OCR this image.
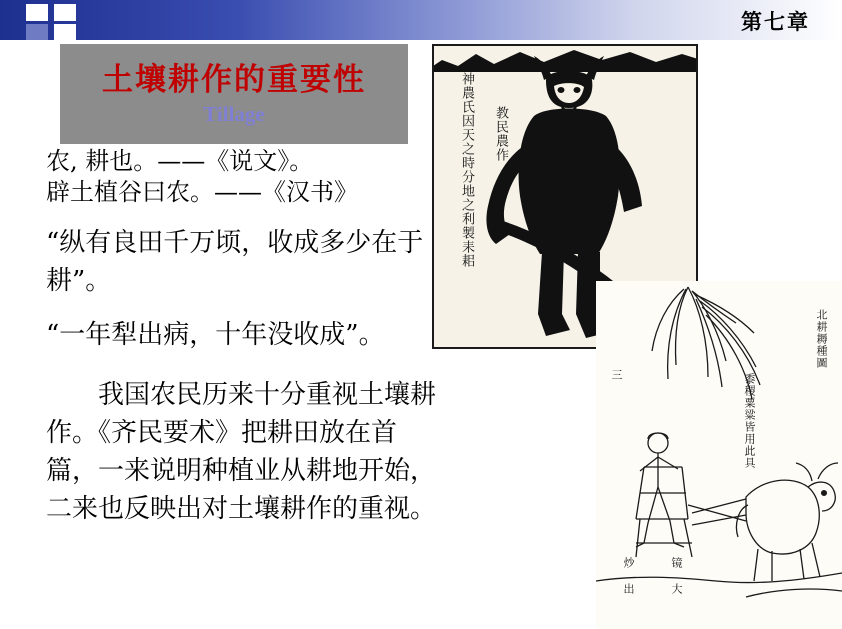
第七章
土壤耕作的重要性
Tillage
农, 耕也。——《说文》。
辟土植谷曰农。——《汉书》
“纵有良田千万顷，收成多少在于耕”。
“一年犁出病，十年没收成”。
我国农民历来十分重视土壤耕作。《齐民要术》把耕田放在首篇，一来说明种植业从耕地开始，二来也反映出对土壤耕作的重视。
神農氏因天之時分地之利製耒耜	教民農作
北耕耨種圖
黍稷粟粱皆用此具
三
炒 出	镜 大
